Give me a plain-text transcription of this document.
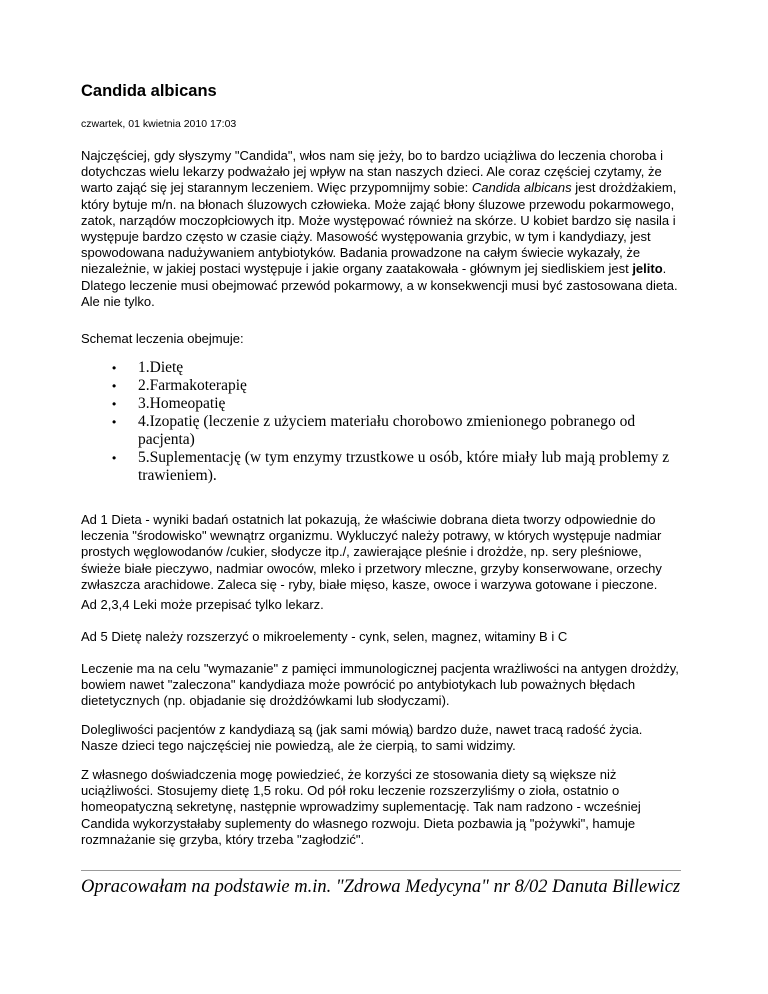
Candida albicans
czwartek, 01 kwietnia 2010 17:03

Najczęściej, gdy słyszymy "Candida", włos nam się jeży, bo to bardzo uciążliwa do leczenia choroba i dotychczas wielu lekarzy podważało jej wpływ na stan naszych dzieci. Ale coraz częściej czytamy, że warto zająć się jej starannym leczeniem. Więc przypomnijmy sobie: Candida albicans jest drożdżakiem, który bytuje m/n. na błonach śluzowych człowieka. Może zająć błony śluzowe przewodu pokarmowego, zatok, narządów moczopłciowych itp. Może występować również na skórze. U kobiet bardzo się nasila i występuje bardzo często w czasie ciąży. Masowość występowania grzybic, w tym i kandydiazy, jest spowodowana nadużywaniem antybiotyków. Badania prowadzone na całym świecie wykazały, że niezależnie, w jakiej postaci występuje i jakie organy zaatakowała - głównym jej siedliskiem jest jelito. Dlatego leczenie musi obejmować przewód pokarmowy, a w konsekwencji musi być zastosowana dieta. Ale nie tylko.

Schemat leczenia obejmuje:

• 1.Dietę
• 2.Farmakoterapię
• 3.Homeopatię
• 4.Izopatię (leczenie z użyciem materiału chorobowo zmienionego pobranego od pacjenta)
• 5.Suplementację (w tym enzymy trzustkowe u osób, które miały lub mają problemy z trawieniem).

Ad 1 Dieta - wyniki badań ostatnich lat pokazują, że właściwie dobrana dieta tworzy odpowiednie do leczenia "środowisko" wewnątrz organizmu. Wykluczyć należy potrawy, w których występuje nadmiar prostych węglowodanów /cukier, słodycze itp./, zawierające pleśnie i drożdże, np. sery pleśniowe, świeże białe pieczywo, nadmiar owoców, mleko i przetwory mleczne, grzyby konserwowane, orzechy zwłaszcza arachidowe. Zaleca się - ryby, białe mięso, kasze, owoce i warzywa gotowane i pieczone.

Ad 2,3,4 Leki może przepisać tylko lekarz.

Ad 5 Dietę należy rozszerzyć o mikroelementy - cynk, selen, magnez, witaminy B i C

Leczenie ma na celu "wymazanie" z pamięci immunologicznej pacjenta wrażliwości na antygen drożdży, bowiem nawet "zaleczona" kandydiaza może powrócić po antybiotykach lub poważnych błędach dietetycznych (np. objadanie się drożdżówkami lub słodyczami).

Dolegliwości pacjentów z kandydiazą są (jak sami mówią) bardzo duże, nawet tracą radość życia. Nasze dzieci tego najczęściej nie powiedzą, ale że cierpią, to sami widzimy.

Z własnego doświadczenia mogę powiedzieć, że korzyści ze stosowania diety są większe niż uciążliwości. Stosujemy dietę 1,5 roku. Od pół roku leczenie rozszerzyliśmy o zioła, ostatnio o homeopatyczną sekretynę, następnie wprowadzimy suplementację. Tak nam radzono - wcześniej Candida wykorzystałaby suplementy do własnego rozwoju. Dieta pozbawia ją "pożywki", hamuje rozmnażanie się grzyba, który trzeba "zagłodzić".

Opracowałam na podstawie m.in. "Zdrowa Medycyna" nr 8/02 Danuta Billewicz
